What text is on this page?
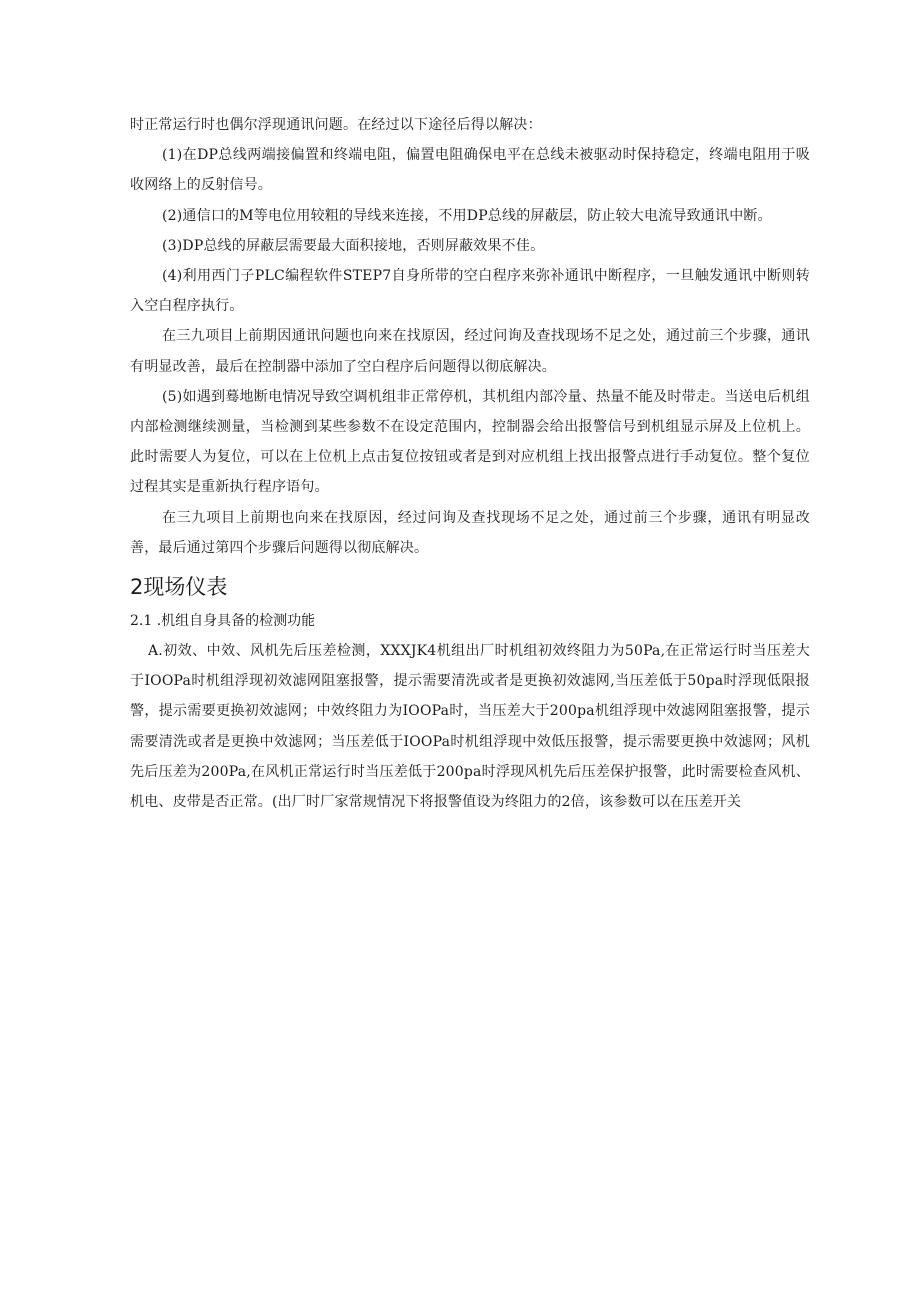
时正常运行时也偶尔浮现通讯问题。在经过以下途径后得以解决：

(1)在DP总线两端接偏置和终端电阻，偏置电阻确保电平在总线未被驱动时保持稳定，终端电阻用于吸收网络上的反射信号。

(2)通信口的M等电位用较粗的导线来连接，不用DP总线的屏蔽层，防止较大电流导致通讯中断。

(3)DP总线的屏蔽层需要最大面积接地，否则屏蔽效果不佳。

(4)利用西门子PLC编程软件STEP7自身所带的空白程序来弥补通讯中断程序，一旦触发通讯中断则转入空白程序执行。

在三九项目上前期因通讯问题也向来在找原因，经过问询及查找现场不足之处，通过前三个步骤，通讯有明显改善，最后在控制器中添加了空白程序后问题得以彻底解决。

(5)如遇到蓦地断电情况导致空调机组非正常停机，其机组内部冷量、热量不能及时带走。当送电后机组内部检测继续测量，当检测到某些参数不在设定范围内，控制器会给出报警信号到机组显示屏及上位机上。此时需要人为复位，可以在上位机上点击复位按钮或者是到对应机组上找出报警点进行手动复位。整个复位过程其实是重新执行程序语句。

在三九项目上前期也向来在找原因，经过问询及查找现场不足之处，通过前三个步骤，通讯有明显改善，最后通过第四个步骤后问题得以彻底解决。

2现场仪表

2.1 .机组自身具备的检测功能

A.初效、中效、风机先后压差检测，XXXJK4机组出厂时机组初效终阻力为50Pa,在正常运行时当压差大于IOOPa时机组浮现初效滤网阻塞报警，提示需要清洗或者是更换初效滤网,当压差低于50pa时浮现低限报警，提示需要更换初效滤网；中效终阻力为IOOPa时，当压差大于200pa机组浮现中效滤网阻塞报警，提示需要清洗或者是更换中效滤网；当压差低于IOOPa时机组浮现中效低压报警，提示需要更换中效滤网；风机先后压差为200Pa,在风机正常运行时当压差低于200pa时浮现风机先后压差保护报警，此时需要检查风机、机电、皮带是否正常。(出厂时厂家常规情况下将报警值设为终阻力的2倍，该参数可以在压差开关
